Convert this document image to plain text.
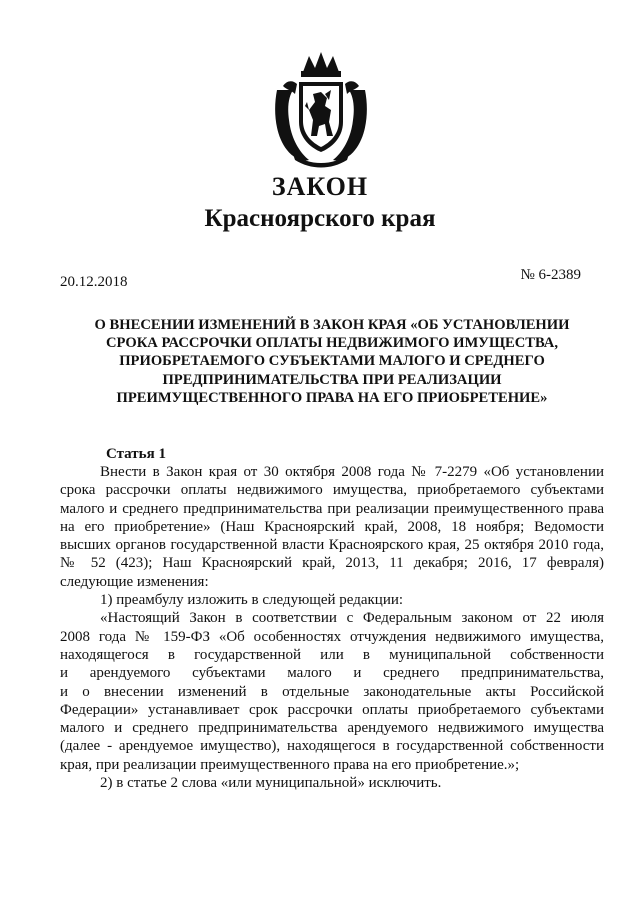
ЗАКОН
Красноярского края
20.12.2018	№ 6-2389
О ВНЕСЕНИИ ИЗМЕНЕНИЙ В ЗАКОН КРАЯ «ОБ УСТАНОВЛЕНИИ
СРОКА РАССРОЧКИ ОПЛАТЫ НЕДВИЖИМОГО ИМУЩЕСТВА,
ПРИОБРЕТАЕМОГО СУБЪЕКТАМИ МАЛОГО И СРЕДНЕГО
ПРЕДПРИНИМАТЕЛЬСТВА ПРИ РЕАЛИЗАЦИИ
ПРЕИМУЩЕСТВЕННОГО ПРАВА НА ЕГО ПРИОБРЕТЕНИЕ»
Статья 1
Внести в Закон края от 30 октября 2008 года № 7-2279 «Об установлении
срока рассрочки оплаты недвижимого имущества, приобретаемого субъектами
малого и среднего предпринимательства при реализации преимущественного права
на его приобретение» (Наш Красноярский край, 2008, 18 ноября; Ведомости
высших органов государственной власти Красноярского края, 25 октября 2010 года,
№ 52 (423); Наш Красноярский край, 2013, 11 декабря; 2016, 17 февраля)
следующие изменения:
1) преамбулу изложить в следующей редакции:
«Настоящий Закон в соответствии с Федеральным законом от 22 июля
2008 года № 159-ФЗ «Об особенностях отчуждения недвижимого имущества,
находящегося в государственной или в муниципальной собственности
и арендуемого субъектами малого и среднего предпринимательства,
и о внесении изменений в отдельные законодательные акты Российской
Федерации» устанавливает срок рассрочки оплаты приобретаемого субъектами
малого и среднего предпринимательства арендуемого недвижимого имущества
(далее - арендуемое имущество), находящегося в государственной собственности
края, при реализации преимущественного права на его приобретение.»;
2) в статье 2 слова «или муниципальной» исключить.
